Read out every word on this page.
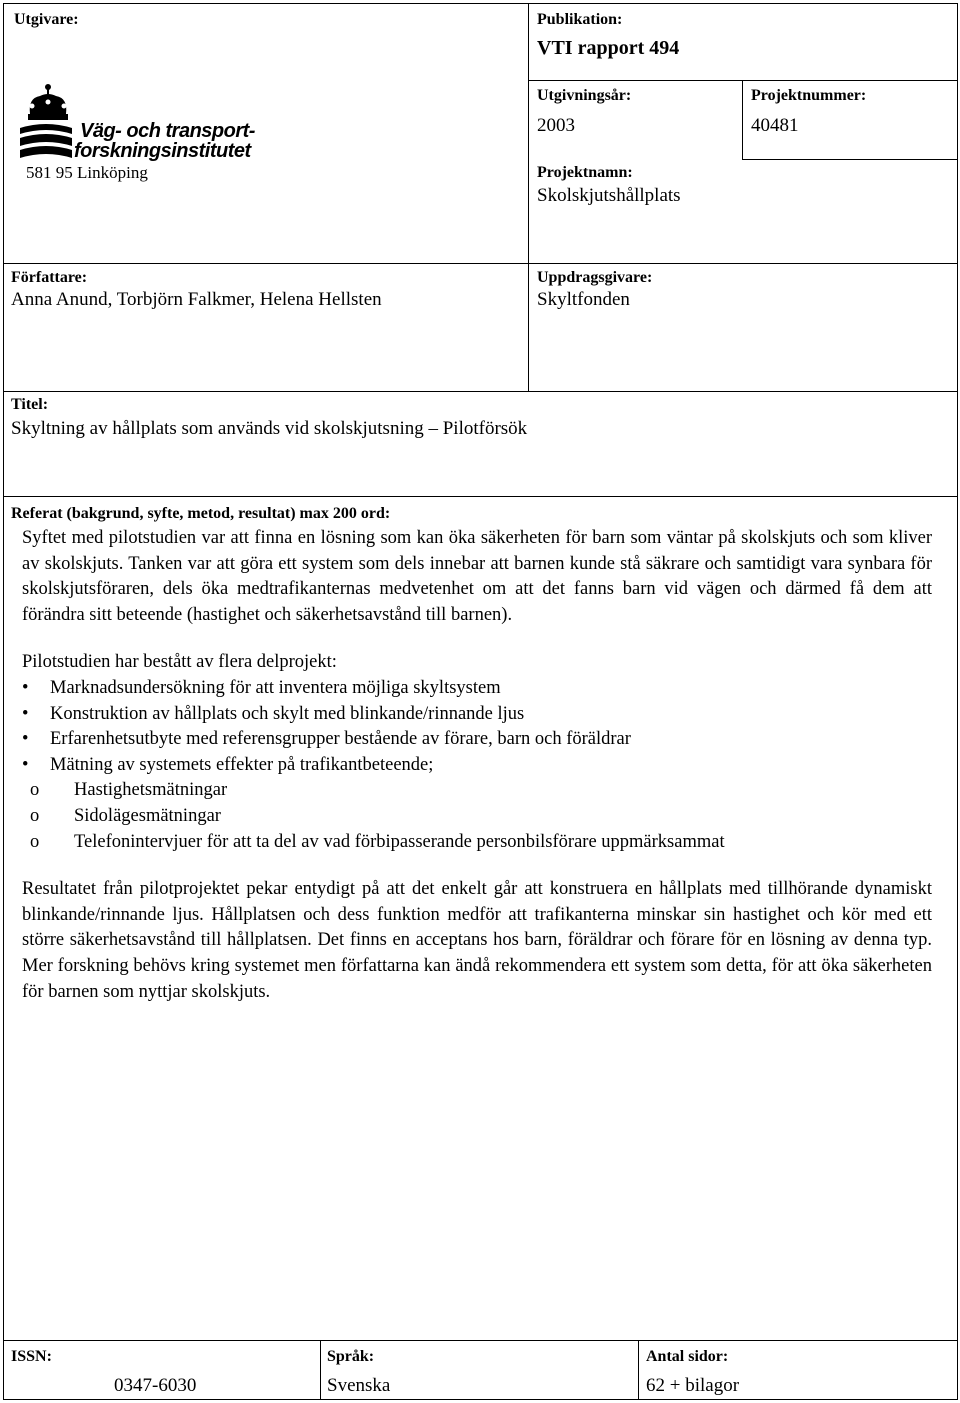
Utgivare:
Väg- och transport-
forskningsinstitutet
581 95 Linköping
Publikation:
VTI rapport 494
Utgivningsår:
2003
Projektnamn:
Skolskjutshållplats
Projektnummer:
40481
Författare:
Anna Anund, Torbjörn Falkmer, Helena Hellsten
Uppdragsgivare:
Skyltfonden
Titel:
Skyltning av hållplats som används vid skolskjutsning – Pilotförsök
Referat (bakgrund, syfte, metod, resultat) max 200 ord:

Syftet med pilotstudien var att finna en lösning som kan öka säkerheten för barn som väntar på skolskjuts och som kliver av skolskjuts. Tanken var att göra ett system som dels innebar att barnen kunde stå säkrare och samtidigt vara synbara för skolskjutsföraren, dels öka medtrafikanternas medvetenhet om att det fanns barn vid vägen och därmed få dem att förändra sitt beteende (hastighet och säkerhetsavstånd till barnen).

Pilotstudien har bestått av flera delprojekt:

• Marknadsundersökning för att inventera möjliga skyltsystem
• Konstruktion av hållplats och skylt med blinkande/rinnande ljus
• Erfarenhetsutbyte med referensgrupper bestående av förare, barn och föräldrar
• Mätning av systemets effekter på trafikantbeteende;
o Hastighetsmätningar
o Sidolägesmätningar
o Telefonintervjuer för att ta del av vad förbipasserande personbilsförare uppmärksammat

Resultatet från pilotprojektet pekar entydigt på att det enkelt går att konstruera en hållplats med tillhörande dynamiskt blinkande/rinnande ljus. Hållplatsen och dess funktion medför att trafikanterna minskar sin hastighet och kör med ett större säkerhetsavstånd till hållplatsen. Det finns en acceptans hos barn, föräldrar och förare för en lösning av denna typ. Mer forskning behövs kring systemet men författarna kan ändå rekommendera ett system som detta, för att öka säkerheten för barnen som nyttjar skolskjuts.

ISSN:
0347-6030
Språk:
Svenska
Antal sidor:
62 + bilagor
